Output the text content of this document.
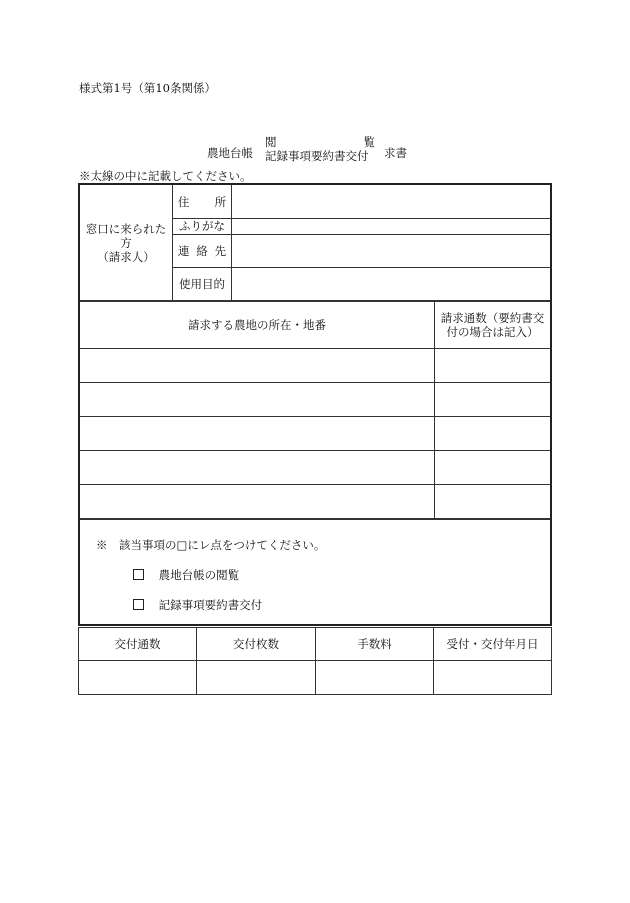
様式第1号（第10条関係）
農地台帳
閲	覧
記録事項要約書交付	求書
※太線の中に記載してください。
窓口に来られた方
（請求人）
住所
ふりがな
連絡先
使用目的
請求する農地の所在・地番	請求通数（要約書交付の場合は記入）
※　該当事項の□にレ点をつけてください。
農地台帳の閲覧
記録事項要約書交付
交付通数	交付枚数	手数料	受付・交付年月日
